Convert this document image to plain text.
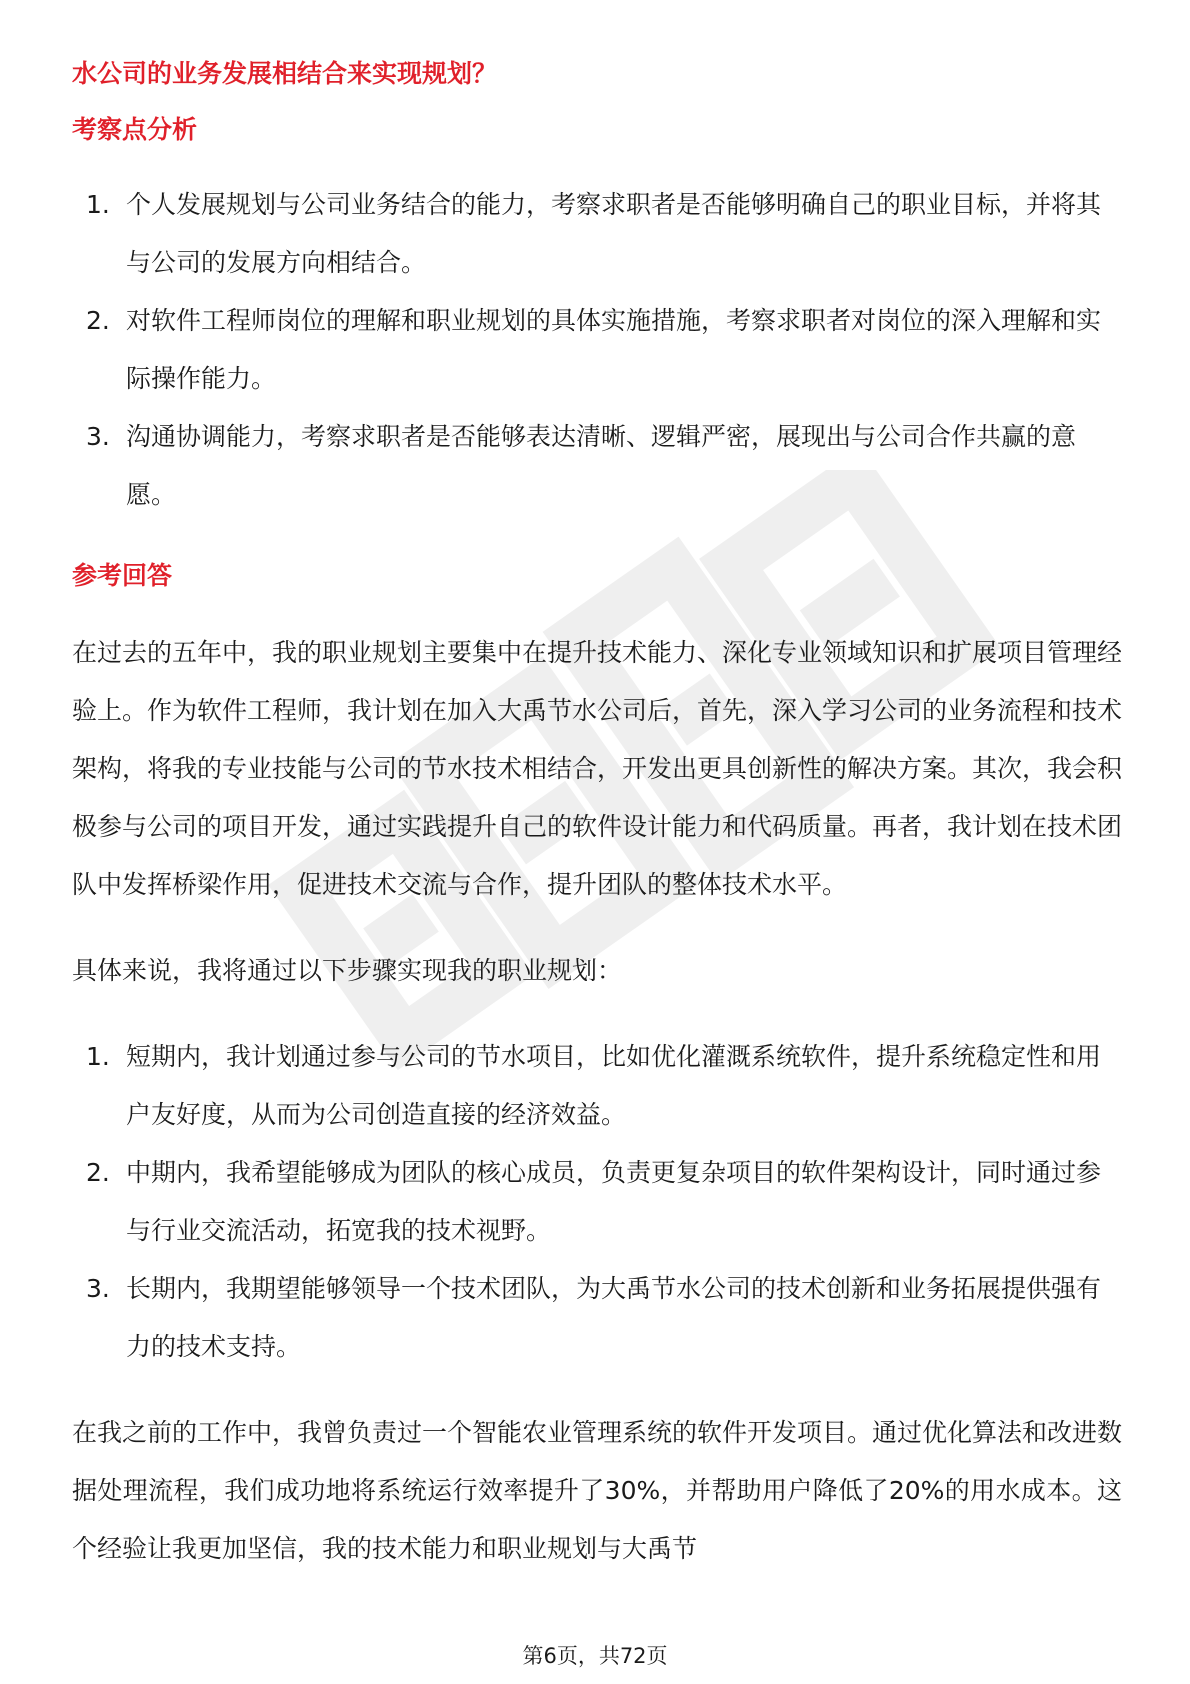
水公司的业务发展相结合来实现规划？
考察点分析
1. 个人发展规划与公司业务结合的能力，考察求职者是否能够明确自己的职业目标，并将其与公司的发展方向相结合。
2. 对软件工程师岗位的理解和职业规划的具体实施措施，考察求职者对岗位的深入理解和实际操作能力。
3. 沟通协调能力，考察求职者是否能够表达清晰、逻辑严密，展现出与公司合作共赢的意愿。
参考回答

在过去的五年中，我的职业规划主要集中在提升技术能力、深化专业领域知识和扩展项目管理经验上。作为软件工程师，我计划在加入大禹节水公司后，首先，深入学习公司的业务流程和技术架构，将我的专业技能与公司的节水技术相结合，开发出更具创新性的解决方案。其次，我会积极参与公司的项目开发，通过实践提升自己的软件设计能力和代码质量。再者，我计划在技术团队中发挥桥梁作用，促进技术交流与合作，提升团队的整体技术水平。

具体来说，我将通过以下步骤实现我的职业规划：

1. 短期内，我计划通过参与公司的节水项目，比如优化灌溉系统软件，提升系统稳定性和用户友好度，从而为公司创造直接的经济效益。
2. 中期内，我希望能够成为团队的核心成员，负责更复杂项目的软件架构设计，同时通过参与行业交流活动，拓宽我的技术视野。
3. 长期内，我期望能够领导一个技术团队，为大禹节水公司的技术创新和业务拓展提供强有力的技术支持。

在我之前的工作中，我曾负责过一个智能农业管理系统的软件开发项目。通过优化算法和改进数据处理流程，我们成功地将系统运行效率提升了30%，并帮助用户降低了20%的用水成本。这个经验让我更加坚信，我的技术能力和职业规划与大禹节

第6页，共72页
